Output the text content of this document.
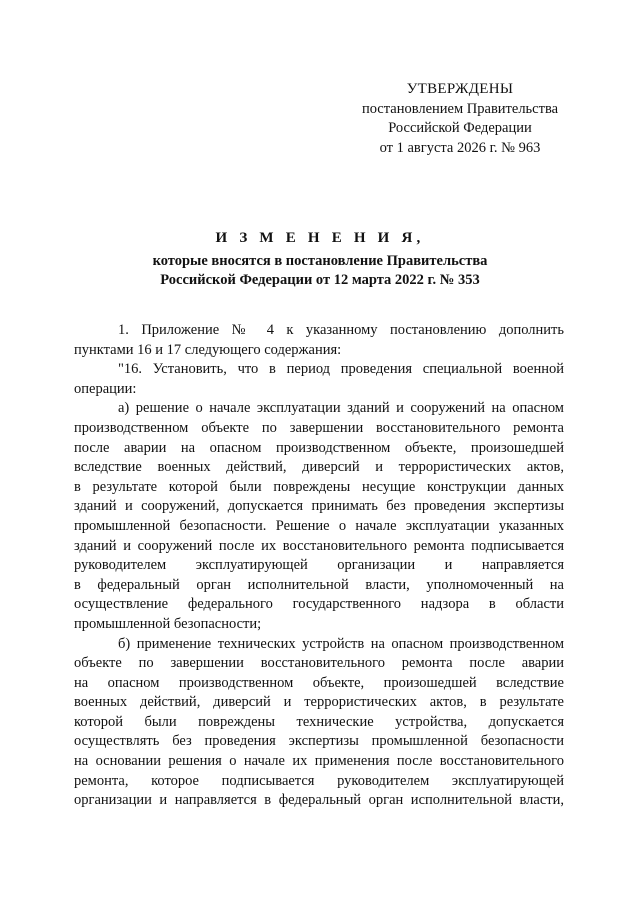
УТВЕРЖДЕНЫ
постановлением Правительства
Российской Федерации
от 1 августа 2026 г. № 963
И З М Е Н Е Н И Я,
которые вносятся в постановление Правительства
Российской Федерации от 12 марта 2022 г. № 353
1. Приложение № 4 к указанному постановлению дополнить
пунктами 16 и 17 следующего содержания:
"16. Установить, что в период проведения специальной военной
операции:
а) решение о начале эксплуатации зданий и сооружений на опасном
производственном объекте по завершении восстановительного ремонта
после аварии на опасном производственном объекте, произошедшей
вследствие военных действий, диверсий и террористических актов,
в результате которой были повреждены несущие конструкции данных
зданий и сооружений, допускается принимать без проведения экспертизы
промышленной безопасности. Решение о начале эксплуатации указанных
зданий и сооружений после их восстановительного ремонта подписывается
руководителем эксплуатирующей организации и направляется
в федеральный орган исполнительной власти, уполномоченный на
осуществление федерального государственного надзора в области
промышленной безопасности;
б) применение технических устройств на опасном производственном
объекте по завершении восстановительного ремонта после аварии
на опасном производственном объекте, произошедшей вследствие
военных действий, диверсий и террористических актов, в результате
которой были повреждены технические устройства, допускается
осуществлять без проведения экспертизы промышленной безопасности
на основании решения о начале их применения после восстановительного
ремонта, которое подписывается руководителем эксплуатирующей
организации и направляется в федеральный орган исполнительной власти,
